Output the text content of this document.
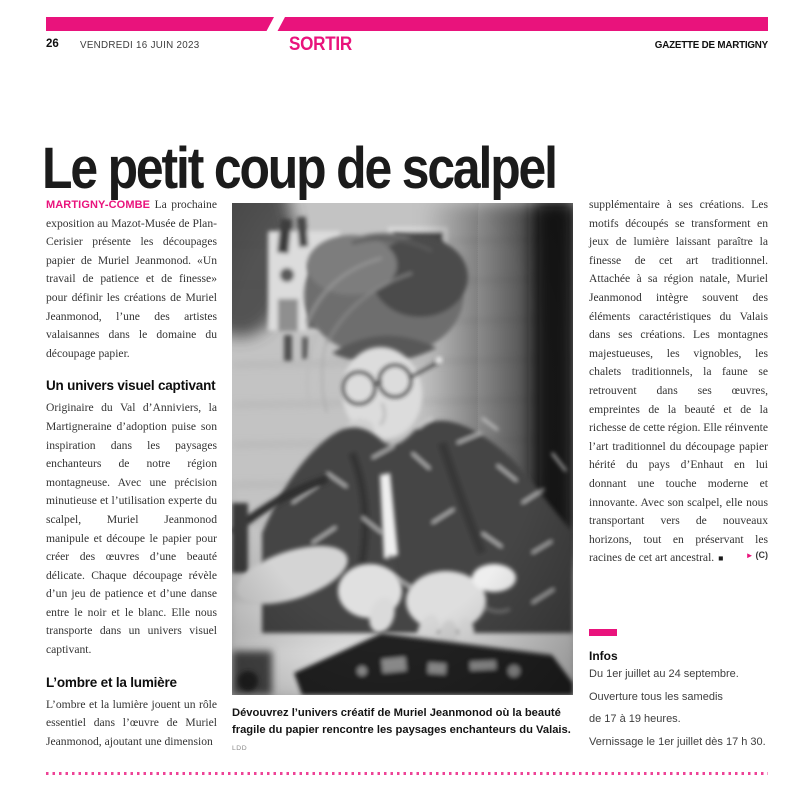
26 VENDREDI 16 JUIN 2023	SORTIR	GAZETTE DE MARTIGNY
Le petit coup de scalpel

MARTIGNY-COMBE La prochaine exposition au Mazot-Musée de Plan-Cerisier présente les découpages papier de Muriel Jeanmonod. «Un travail de patience et de finesse» pour définir les créations de Muriel Jeanmonod, l’une des artistes valaisannes dans le domaine du découpage papier.

Un univers visuel captivant

Originaire du Val d’Anniviers, la Martigneraine d’adoption puise son inspiration dans les paysages enchanteurs de notre région montagneuse. Avec une précision minutieuse et l’utilisation experte du scalpel, Muriel Jeanmonod manipule et découpe le papier pour créer des œuvres d’une beauté délicate. Chaque découpage révèle d’un jeu de patience et d’une danse entre le noir et le blanc. Elle nous transporte dans un univers visuel captivant.

L’ombre et la lumière

L’ombre et la lumière jouent un rôle essentiel dans l’œuvre de Muriel Jeanmonod, ajoutant une dimension

Dévouvrez l’univers créatif de Muriel Jeanmonod où la beauté fragile du papier rencontre les paysages enchanteurs du Valais. LDD

supplémentaire à ses créations. Les motifs découpés se transforment en jeux de lumière laissant paraître la finesse de cet art traditionnel. Attachée à sa région natale, Muriel Jeanmonod intègre souvent des éléments caractéristiques du Valais dans ses créations. Les montagnes majestueuses, les vignobles, les chalets traditionnels, la faune se retrouvent dans ses œuvres, empreintes de la beauté et de la richesse de cette région. Elle réinvente l’art traditionnel du découpage papier hérité du pays d’Enhaut en lui donnant une touche moderne et innovante. Avec son scalpel, elle nous transportant vers de nouveaux horizons, tout en préservant les racines de cet art ancestral. ■	► (C)

Infos
Du 1er juillet au 24 septembre.
Ouverture tous les samedis
de 17 à 19 heures.
Vernissage le 1er juillet dès 17 h 30.
